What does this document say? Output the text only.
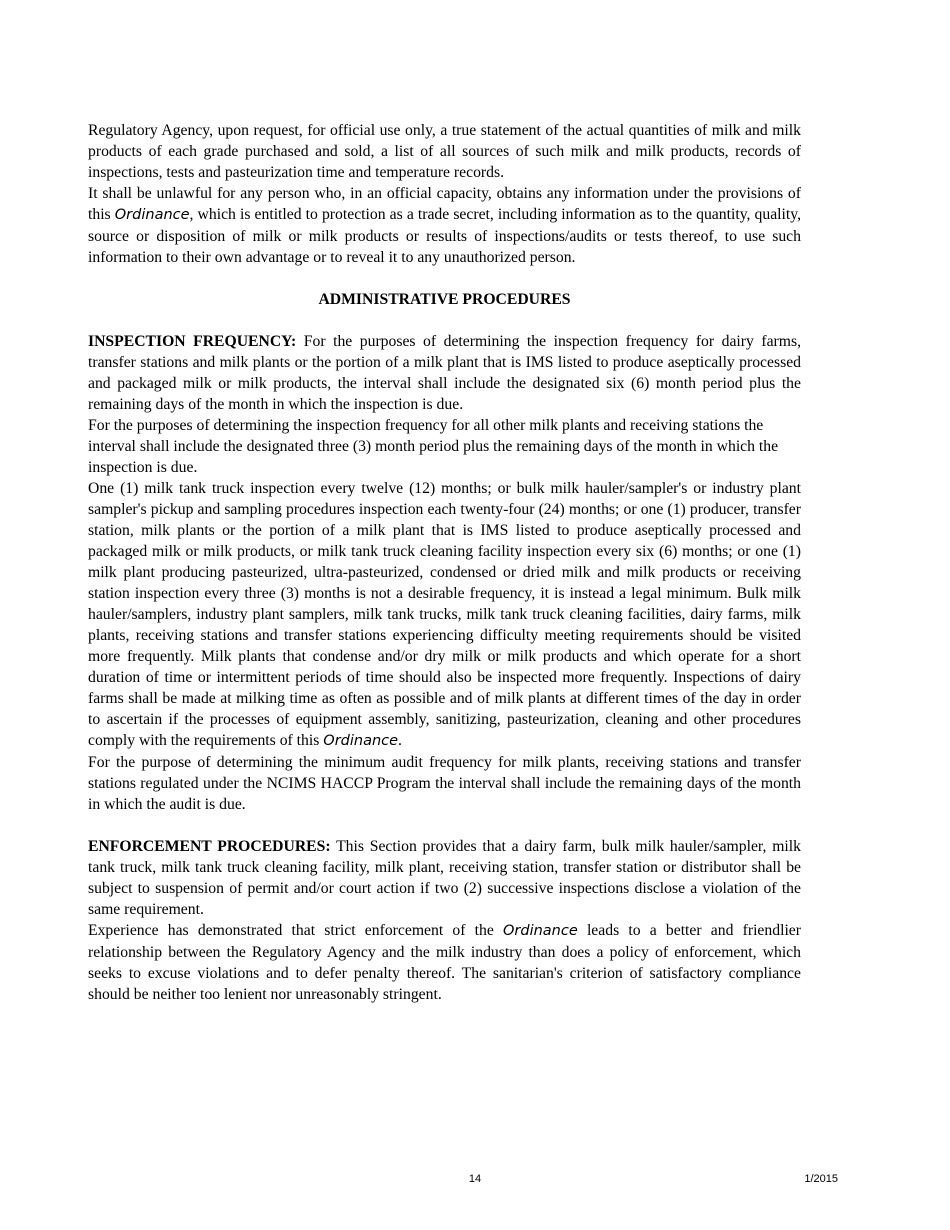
Regulatory Agency, upon request, for official use only, a true statement of the actual quantities of milk and milk products of each grade purchased and sold, a list of all sources of such milk and milk products, records of inspections, tests and pasteurization time and temperature records.

It shall be unlawful for any person who, in an official capacity, obtains any information under the provisions of this Ordinance, which is entitled to protection as a trade secret, including information as to the quantity, quality, source or disposition of milk or milk products or results of inspections/audits or tests thereof, to use such information to their own advantage or to reveal it to any unauthorized person.

ADMINISTRATIVE PROCEDURES

INSPECTION FREQUENCY: For the purposes of determining the inspection frequency for dairy farms, transfer stations and milk plants or the portion of a milk plant that is IMS listed to produce aseptically processed and packaged milk or milk products, the interval shall include the designated six (6) month period plus the remaining days of the month in which the inspection is due.

For the purposes of determining the inspection frequency for all other milk plants and receiving stations the interval shall include the designated three (3) month period plus the remaining days of the month in which the inspection is due.

One (1) milk tank truck inspection every twelve (12) months; or bulk milk hauler/sampler's or industry plant sampler's pickup and sampling procedures inspection each twenty-four (24) months; or one (1) producer, transfer station, milk plants or the portion of a milk plant that is IMS listed to produce aseptically processed and packaged milk or milk products, or milk tank truck cleaning facility inspection every six (6) months; or one (1) milk plant producing pasteurized, ultra-pasteurized, condensed or dried milk and milk products or receiving station inspection every three (3) months is not a desirable frequency, it is instead a legal minimum. Bulk milk hauler/samplers, industry plant samplers, milk tank trucks, milk tank truck cleaning facilities, dairy farms, milk plants, receiving stations and transfer stations experiencing difficulty meeting requirements should be visited more frequently. Milk plants that condense and/or dry milk or milk products and which operate for a short duration of time or intermittent periods of time should also be inspected more frequently. Inspections of dairy farms shall be made at milking time as often as possible and of milk plants at different times of the day in order to ascertain if the processes of equipment assembly, sanitizing, pasteurization, cleaning and other procedures comply with the requirements of this Ordinance.

For the purpose of determining the minimum audit frequency for milk plants, receiving stations and transfer stations regulated under the NCIMS HACCP Program the interval shall include the remaining days of the month in which the audit is due.

ENFORCEMENT PROCEDURES: This Section provides that a dairy farm, bulk milk hauler/sampler, milk tank truck, milk tank truck cleaning facility, milk plant, receiving station, transfer station or distributor shall be subject to suspension of permit and/or court action if two (2) successive inspections disclose a violation of the same requirement.

Experience has demonstrated that strict enforcement of the Ordinance leads to a better and friendlier relationship between the Regulatory Agency and the milk industry than does a policy of enforcement, which seeks to excuse violations and to defer penalty thereof. The sanitarian's criterion of satisfactory compliance should be neither too lenient nor unreasonably stringent.

14	1/2015
